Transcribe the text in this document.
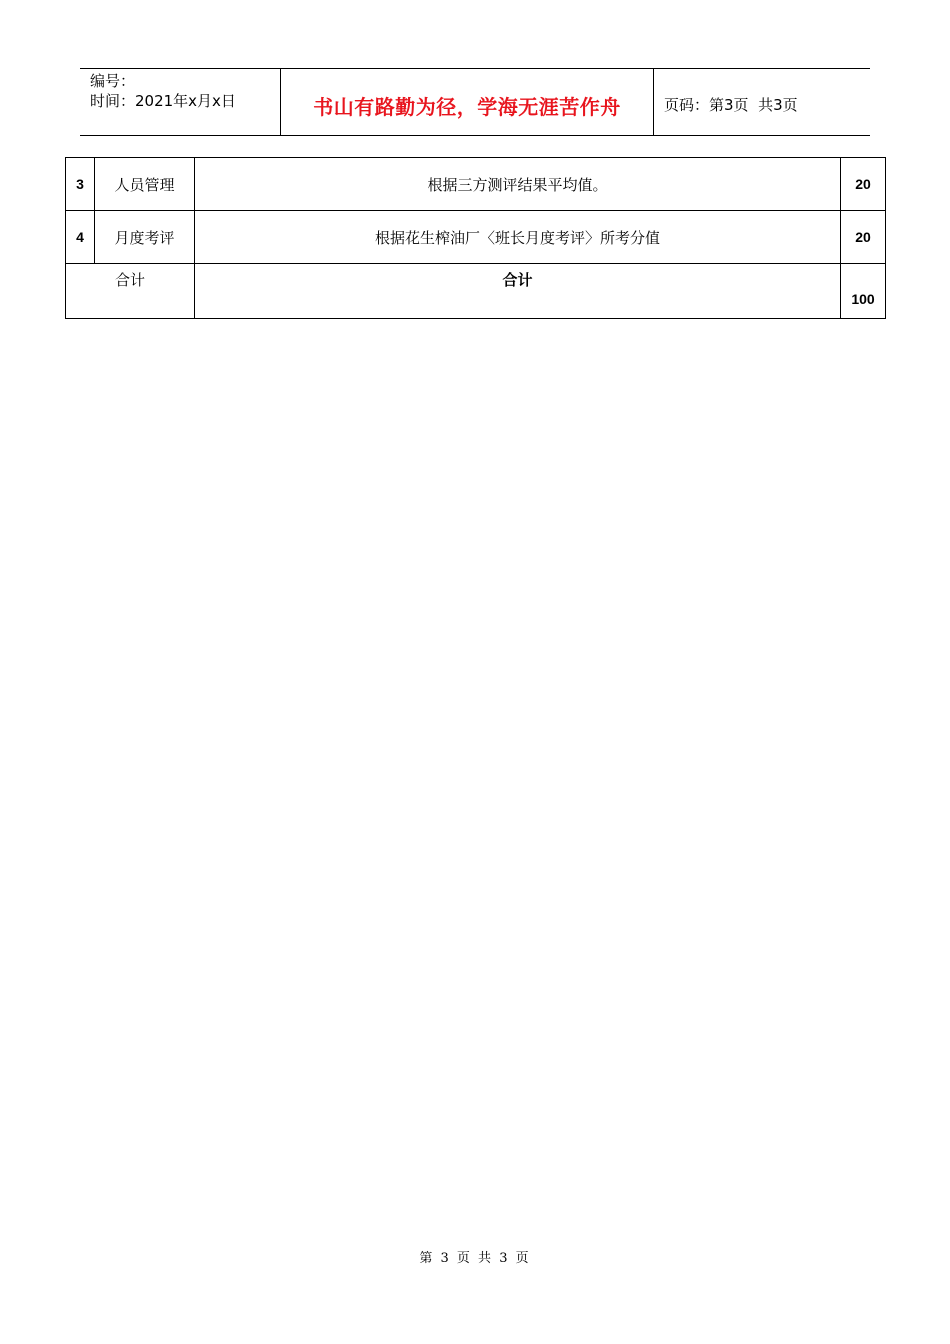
编号：
时间：2021年x月x日	书山有路勤为径，学海无涯苦作舟	页码：第3页  共3页
3	人员管理	根据三方测评结果平均值。	20
4	月度考评	根据花生榨油厂〈班长月度考评〉所考分值	20
合计		合计	100
第 3 页 共 3 页
